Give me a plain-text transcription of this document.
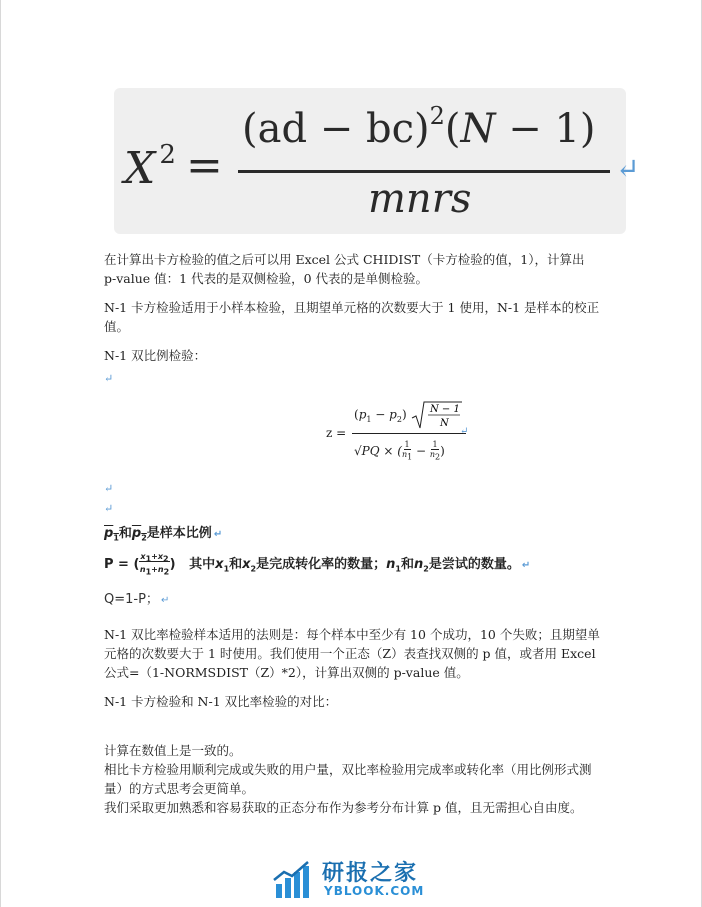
X $^2$ =
(ad − bc)$^2$(N − 1)
mnrs
↵

在计算出卡方检验的值之后可以用 Excel 公式 CHIDIST（卡方检验的值，1），计算出 p-value 值：1 代表的是双侧检验，0 代表的是单侧检验。

N-1 卡方检验适用于小样本检验，且期望单元格的次数要大于 1 使用，N-1 是样本的校正值。

N-1 双比例检验：

↵
z =
$(p_1 - p_2) N - 1$
N
√PQ × ( 1
$n_1 - 1$
$n_2$)
↵
↵
↵
$p_1$和$p_2$是样本比例 ↵
$P = (x_1+x_2$
$n_1+n_2$) 其中$x_1$和$x_2$是完成转化率的数量；$n_1$和$n_2$是尝试的数量。 ↵
Q=1-P； ↵

N-1 双比率检验样本适用的法则是：每个样本中至少有 10 个成功，10 个失败；且期望单元格的次数要大于 1 时使用。我们使用一个正态（Z）表查找双侧的 p 值，或者用 Excel 公式=（1-NORMSDIST（Z）*2），计算出双侧的 p-value 值。

N-1 卡方检验和 N-1 双比率检验的对比：

计算在数值上是一致的。

相比卡方检验用顺利完成或失败的用户量，双比率检验用完成率或转化率（用比例形式测量）的方式思考会更简单。

我们采取更加熟悉和容易获取的正态分布作为参考分布计算 p 值，且无需担心自由度。

研报之家
YBLOOK.COM
